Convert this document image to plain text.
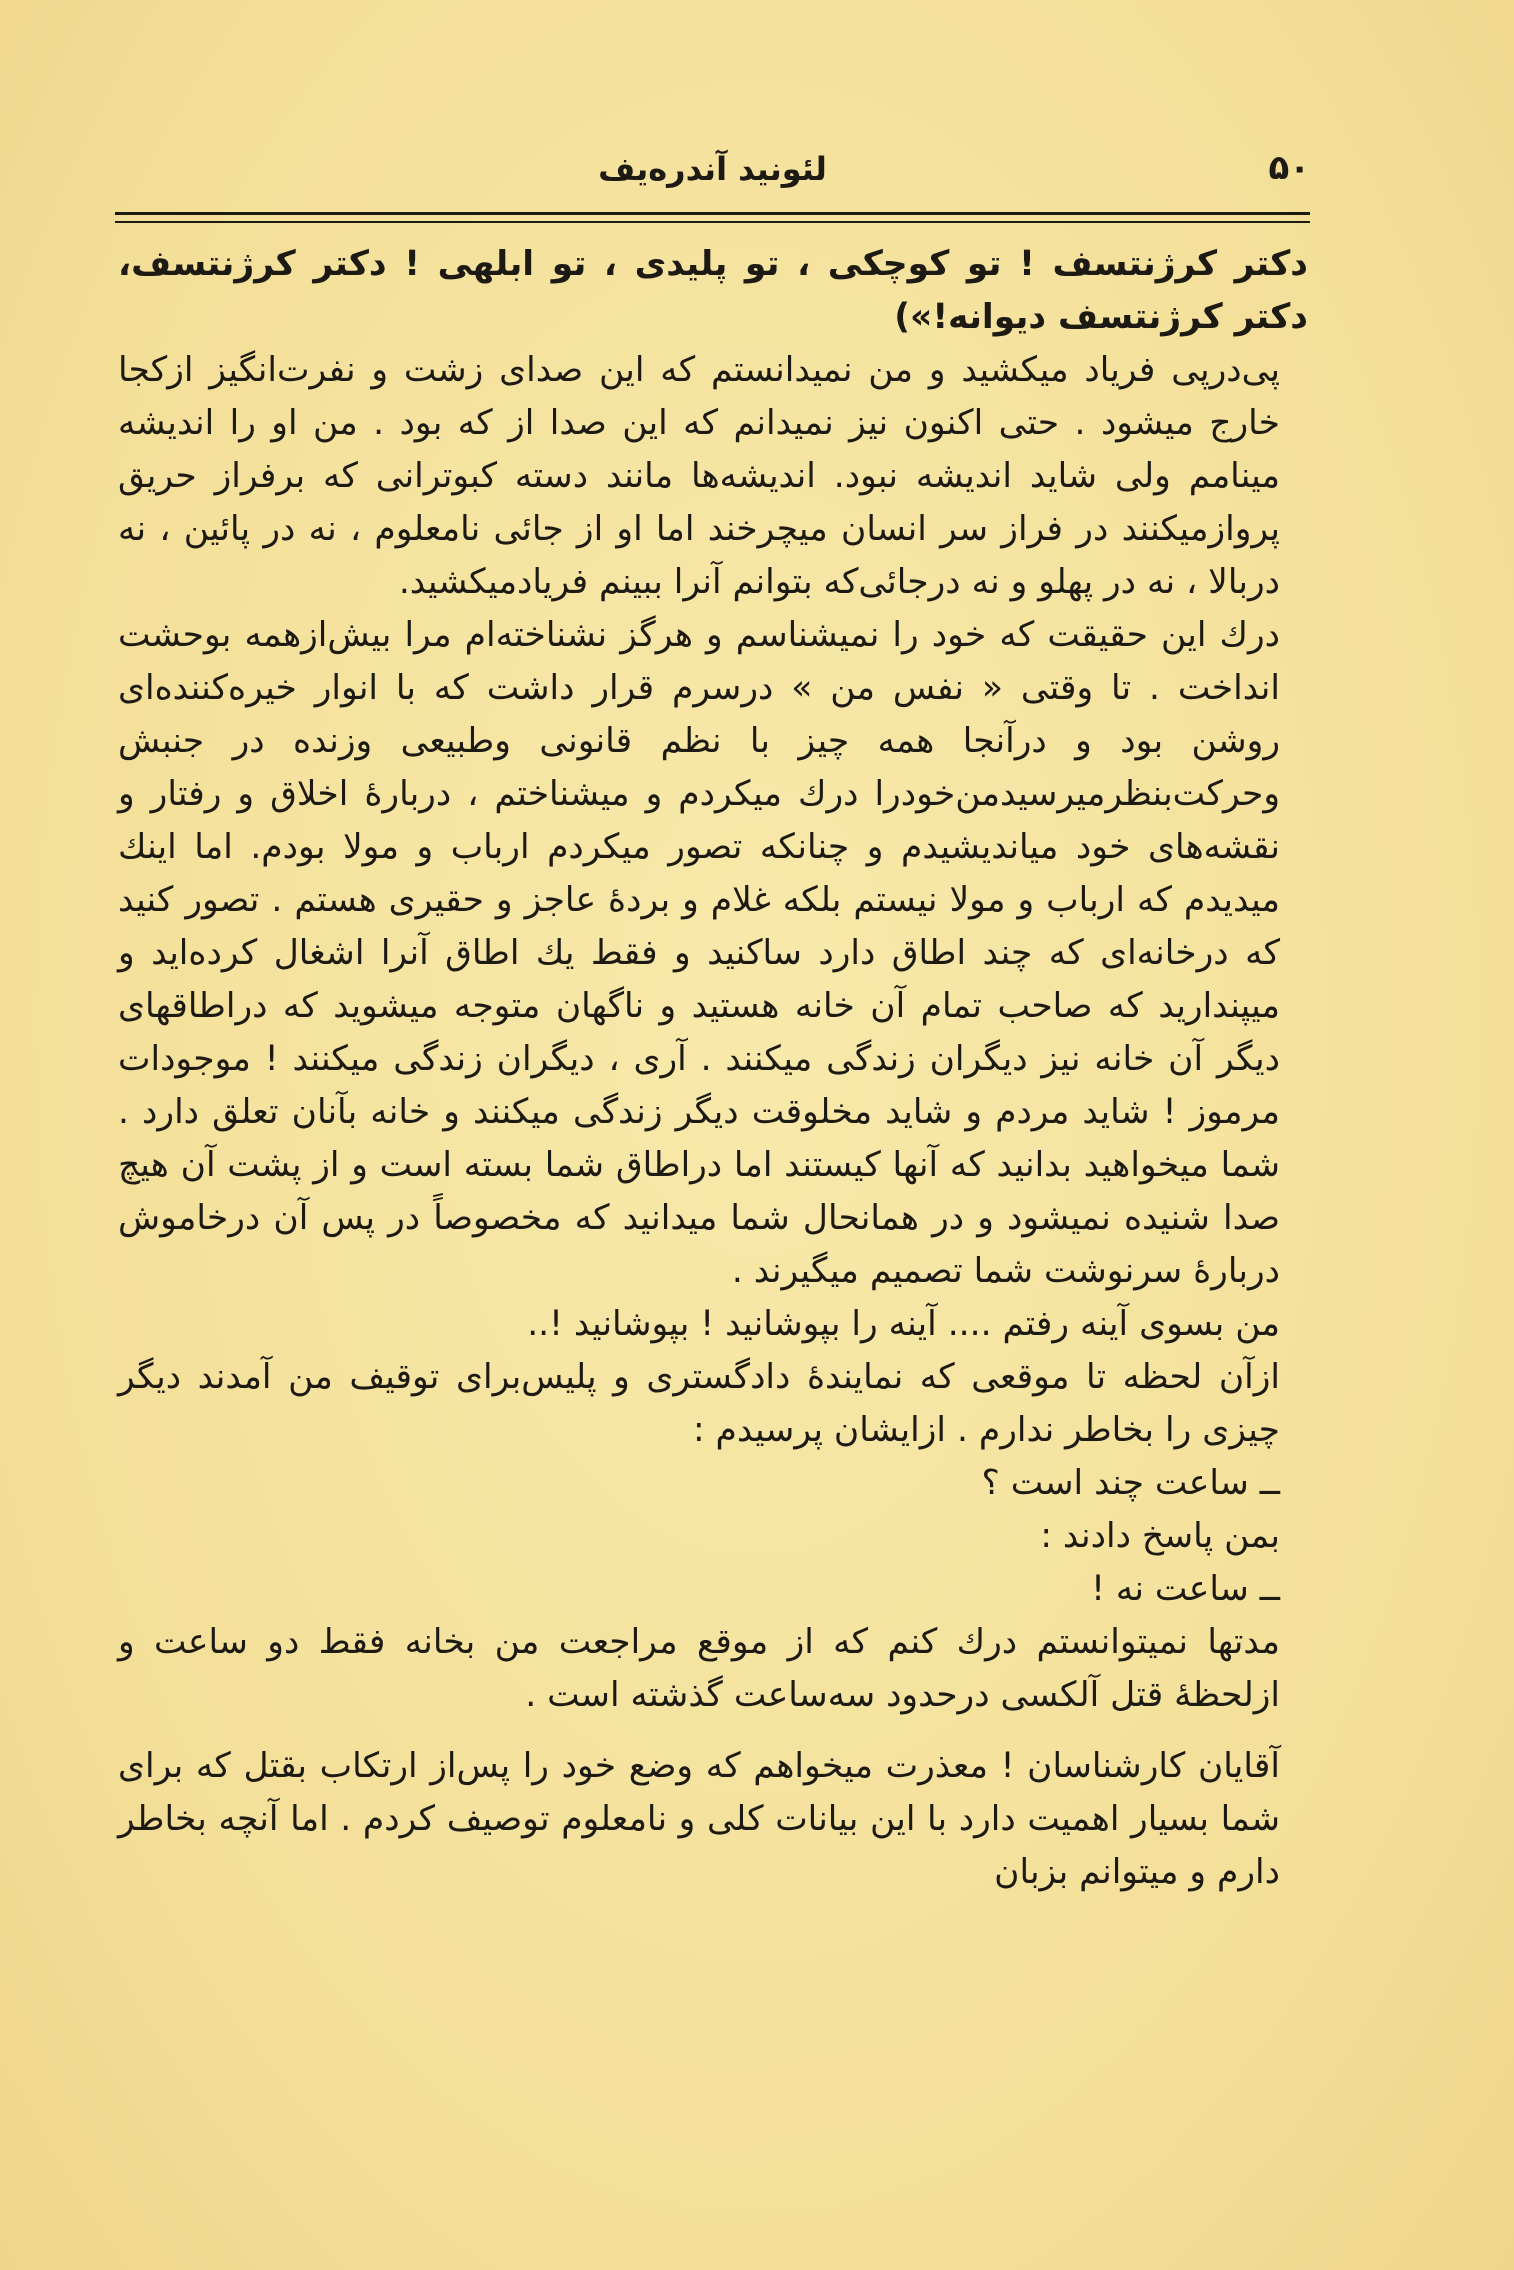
۵۰
لئونید آندره‌یف

دکتر کرژنتسف ! تو کوچکی ، تو پلیدی ، تو ابلهی ! دکتر کرژنتسف، دکتر کرژنتسف دیوانه!»)

پی‌درپی فریاد میکشید و من نمیدانستم که این صدای زشت و نفرت‌انگیز ازکجا خارج میشود . حتی اکنون نیز نمیدانم که این صدا از که بود . من او را اندیشه مینامم ولی شاید اندیشه نبود. اندیشه‌ها مانند دسته کبوترانی که برفراز حریق پروازمیکنند در فراز سر انسان میچرخند اما او از جائی نامعلوم ، نه در پائین ، نه دربالا ، نه در پهلو و نه درجائی‌که بتوانم آنرا ببینم فریادمیکشید.

درك این حقیقت که خود را نمیشناسم و هرگز نشناخته‌ام مرا بیش‌ازهمه بوحشت انداخت . تا وقتی « نفس من » درسرم قرار داشت که با انوار خیره‌کننده‌ای روشن بود و درآنجا همه چیز با نظم قانونی وطبیعی وزنده در جنبش وحرکت‌بنظرمیرسیدمن‌خودرا درك میکردم و میشناختم ، دربارهٔ اخلاق و رفتار و نقشه‌های خود میاندیشیدم و چنانکه تصور میکردم ارباب و مولا بودم. اما اینك میدیدم که ارباب و مولا نیستم بلکه غلام و بردهٔ عاجز و حقیری هستم . تصور کنید که درخانه‌ای که چند اطاق دارد ساکنید و فقط يك اطاق آنرا اشغال کرده‌اید و میپندارید که صاحب تمام آن خانه هستید و ناگهان متوجه میشوید که دراطاقهای دیگر آن خانه نیز دیگران زندگی میکنند . آری ، دیگران زندگی میکنند ! موجودات مرموز ! شاید مردم و شاید مخلوقت دیگر زندگی میکنند و خانه بآنان تعلق دارد . شما میخواهید بدانید که آنها کیستند اما دراطاق شما بسته است و از پشت آن هیچ صدا شنیده نمیشود و در همانحال شما میدانید که مخصوصاً در پس آن درخاموش دربارهٔ سرنوشت شما تصمیم میگیرند .

من بسوی آینه رفتم .... آینه را بپوشانید ! بپوشانید !..

ازآن لحظه تا موقعی که نمایندهٔ دادگستری و پلیس‌برای توقیف من آمدند دیگر چیزی را بخاطر ندارم . ازایشان پرسیدم :

ــ ساعت چند است ؟

بمن پاسخ دادند :

ــ ساعت نه !

مدتها نمیتوانستم درك کنم که از موقع مراجعت من بخانه فقط دو ساعت و ازلحظهٔ قتل آلکسی درحدود سه‌ساعت گذشته است .

آقایان کارشناسان ! معذرت میخواهم که وضع خود را پس‌از ارتکاب بقتل که برای شما بسیار اهمیت دارد با این بیانات کلی و نامعلوم توصیف کردم . اما آنچه بخاطر دارم و میتوانم بزبان
